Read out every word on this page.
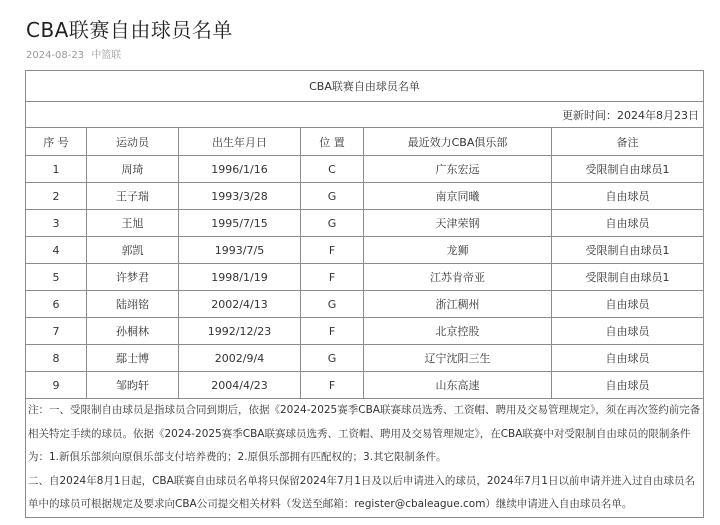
CBA联赛自由球员名单
2024-08-23 中篮联
CBA联赛自由球员名单					
更新时间：2024年8月23日					
序 号	运动员	出生年月日	位 置	最近效力CBA俱乐部	备注
1	周琦	1996/1/16	C	广东宏远	受限制自由球员1
2	王子瑞	1993/3/28	G	南京同曦	自由球员
3	王旭	1995/7/15	G	天津荣钢	自由球员
4	郭凯	1993/7/5	F	龙狮	受限制自由球员1
5	许梦君	1998/1/19	F	江苏肯帝亚	受限制自由球员1
6	陆翊铭	2002/4/13	G	浙江稠州	自由球员
7	孙桐林	1992/12/23	F	北京控股	自由球员
8	鄢士博	2002/9/4	G	辽宁沈阳三生	自由球员
9	邹昀轩	2004/4/23	F	山东高速	自由球员

注：一、受限制自由球员是指球员合同到期后，依据《2024-2025赛季CBA联赛球员选秀、工资帽、聘用及交易管理规定》，须在再次签约前完备相关特定手续的球员。依据《2024-2025赛季CBA联赛球员选秀、工资帽、聘用及交易管理规定》，在CBA联赛中对受限制自由球员的限制条件为：1.新俱乐部须向原俱乐部支付培养费的；2.原俱乐部拥有匹配权的；3.其它限制条件。
二、自2024年8月1日起，CBA联赛自由球员名单将只保留2024年7月1日及以后申请进入的球员，2024年7月1日以前申请并进入过自由球员名单中的球员可根据规定及要求向CBA公司提交相关材料（发送至邮箱：register@cbaleague.com）继续申请进入自由球员名单。					
